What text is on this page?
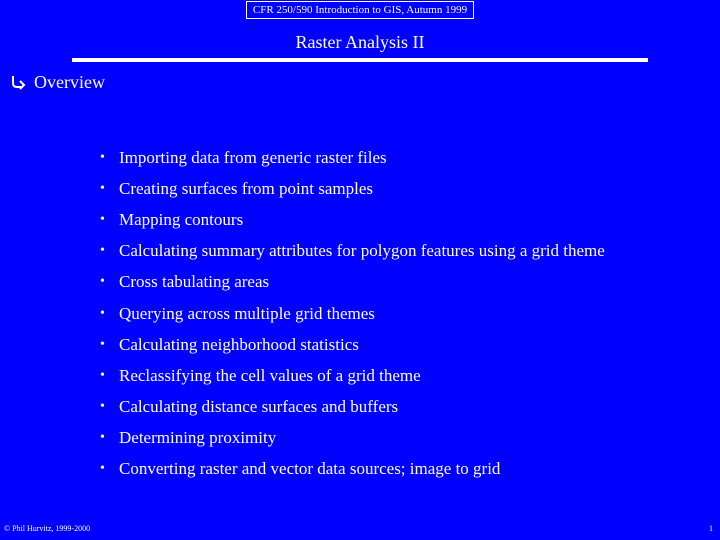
CFR 250/590 Introduction to GIS, Autumn 1999
Raster Analysis II
Overview
• Importing data from generic raster files
• Creating surfaces from point samples
• Mapping contours
• Calculating summary attributes for polygon features using a grid theme
• Cross tabulating areas
• Querying across multiple grid themes
• Calculating neighborhood statistics
• Reclassifying the cell values of a grid theme
• Calculating distance surfaces and buffers
• Determining proximity
• Converting raster and vector data sources; image to grid
© Phil Hurvitz, 1999-2000	1
